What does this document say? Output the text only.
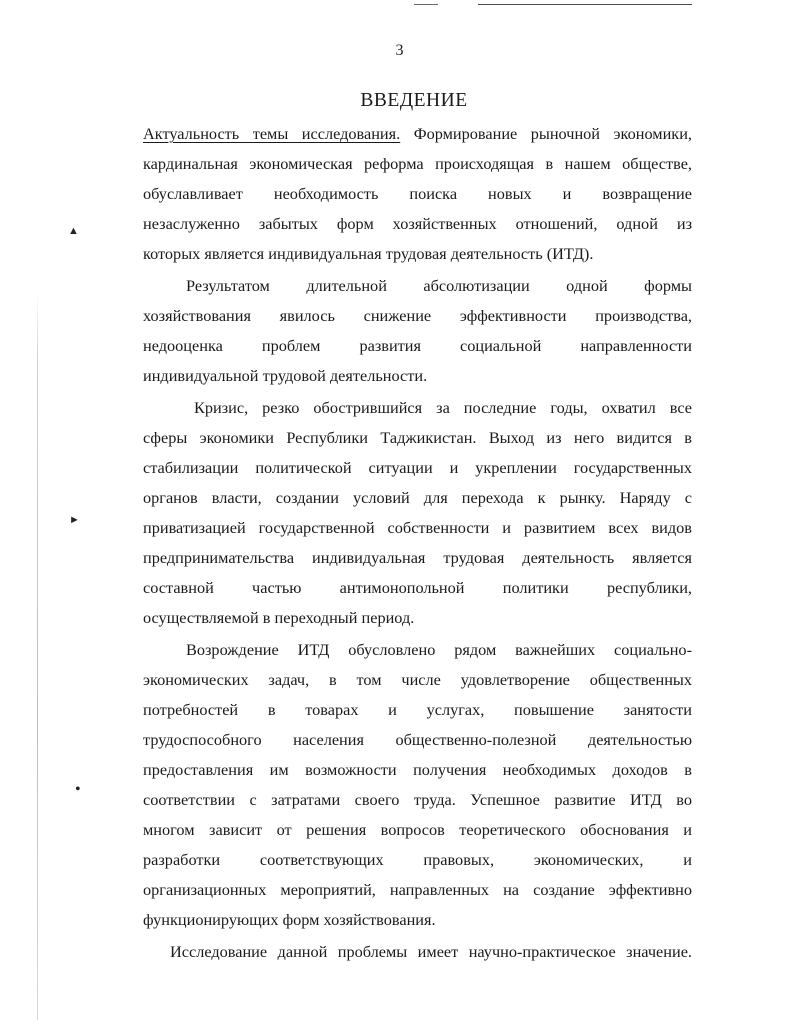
3
ВВЕДЕНИЕ
Актуальность темы исследования. Формирование рыночной экономики,
кардинальная экономическая реформа происходящая в нашем обществе,
обуславливает необходимость поиска новых и возвращение
незаслуженно забытых форм хозяйственных отношений, одной из
которых является индивидуальная трудовая деятельность (ИТД).
Результатом длительной абсолютизации одной формы
хозяйствования явилось снижение эффективности производства,
недооценка проблем развития социальной направленности
индивидуальной трудовой деятельности.
Кризис, резко обострившийся за последние годы, охватил все
сферы экономики Республики Таджикистан. Выход из него видится в
стабилизации политической ситуации и укреплении государственных
органов власти, создании условий для перехода к рынку. Наряду с
приватизацией государственной собственности и развитием всех видов
предпринимательства индивидуальная трудовая деятельность является
составной частью антимонопольной политики республики,
осуществляемой в переходный период.
Возрождение ИТД обусловлено рядом важнейших социально-
экономических задач, в том числе удовлетворение общественных
потребностей в товарах и услугах, повышение занятости
трудоспособного населения общественно-полезной деятельностью
предоставления им возможности получения необходимых доходов в
соответствии с затратами своего труда. Успешное развитие ИТД во
многом зависит от решения вопросов теоретического обоснования и
разработки соответствующих правовых, экономических, и
организационных мероприятий, направленных на создание эффективно
функционирующих форм хозяйствования.
Исследование данной проблемы имеет научно-практическое значение.
▲
►
•
